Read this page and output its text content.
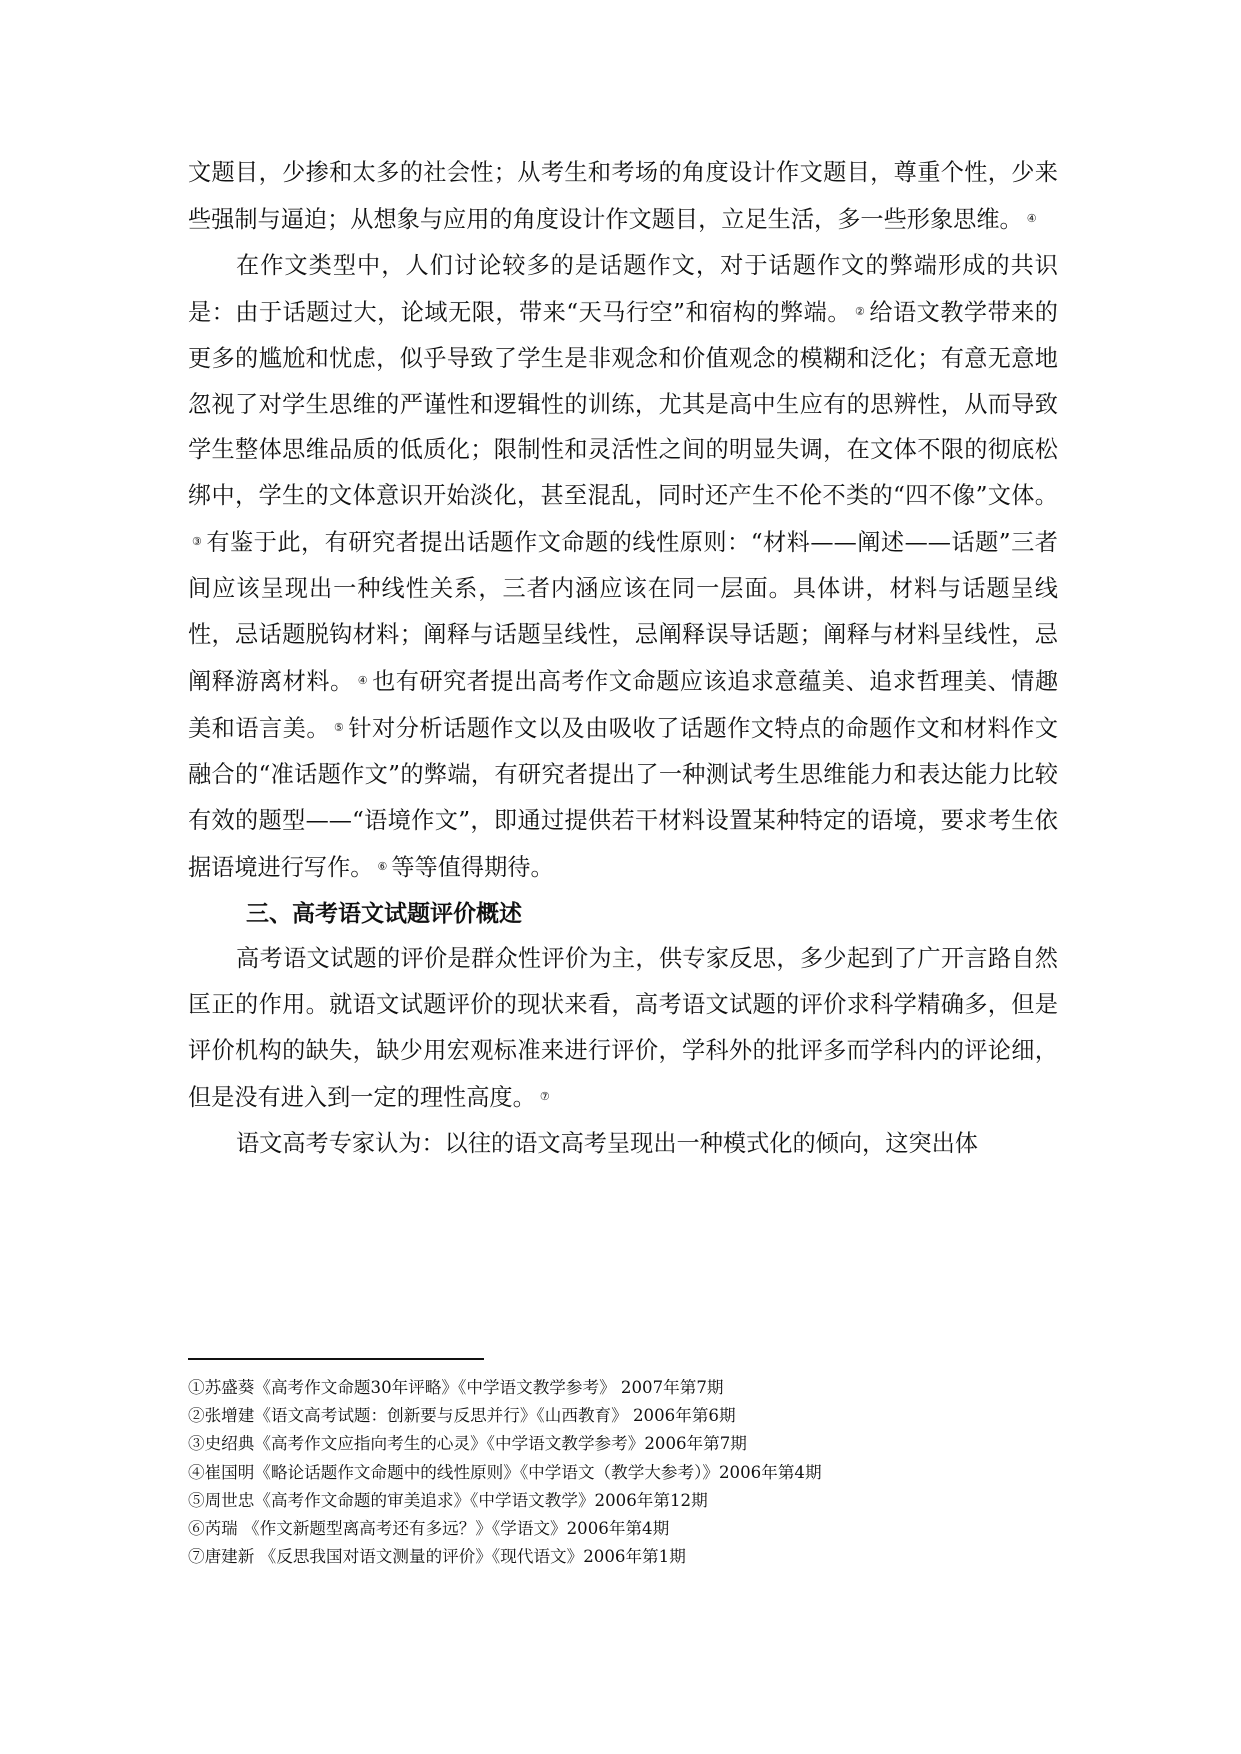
文题目，少掺和太多的社会性；从考生和考场的角度设计作文题目，尊重个性，少来些强制与逼迫；从想象与应用的角度设计作文题目，立足生活，多一些形象思维。 ④

在作文类型中，人们讨论较多的是话题作文，对于话题作文的弊端形成的共识是：由于话题过大，论域无限，带来“天马行空”和宿构的弊端。 ② 给语文教学带来的更多的尴尬和忧虑，似乎导致了学生是非观念和价值观念的模糊和泛化；有意无意地忽视了对学生思维的严谨性和逻辑性的训练，尤其是高中生应有的思辨性，从而导致学生整体思维品质的低质化；限制性和灵活性之间的明显失调，在文体不限的彻底松绑中，学生的文体意识开始淡化，甚至混乱，同时还产生不伦不类的“四不像”文体。③ 有鉴于此，有研究者提出话题作文命题的线性原则：“材料——阐述——话题”三者间应该呈现出一种线性关系，三者内涵应该在同一层面。具体讲，材料与话题呈线性，忌话题脱钩材料；阐释与话题呈线性，忌阐释误导话题；阐释与材料呈线性，忌阐释游离材料。 ④ 也有研究者提出高考作文命题应该追求意蕴美、追求哲理美、情趣美和语言美。 ⑤ 针对分析话题作文以及由吸收了话题作文特点的命题作文和材料作文融合的“准话题作文”的弊端，有研究者提出了一种测试考生思维能力和表达能力比较有效的题型——“语境作文”，即通过提供若干材料设置某种特定的语境，要求考生依据语境进行写作。 ⑥ 等等值得期待。

三、高考语文试题评价概述

高考语文试题的评价是群众性评价为主，供专家反思，多少起到了广开言路自然匡正的作用。就语文试题评价的现状来看，高考语文试题的评价求科学精确多，但是评价机构的缺失，缺少用宏观标准来进行评价，学科外的批评多而学科内的评论细，但是没有进入到一定的理性高度。 ⑦

语文高考专家认为：以往的语文高考呈现出一种模式化的倾向，这突出体

①苏盛葵《高考作文命题30年评略》《中学语文教学参考》 2007年第7期

②张增建《语文高考试题：创新要与反思并行》《山西教育》 2006年第6期

③史绍典《高考作文应指向考生的心灵》《中学语文教学参考》2006年第7期

④崔国明《略论话题作文命题中的线性原则》《中学语文（教学大参考）》2006年第4期

⑤周世忠《高考作文命题的审美追求》《中学语文教学》2006年第12期

⑥芮瑞 《作文新题型离高考还有多远？》《学语文》2006年第4期

⑦唐建新 《反思我国对语文测量的评价》《现代语文》2006年第1期
